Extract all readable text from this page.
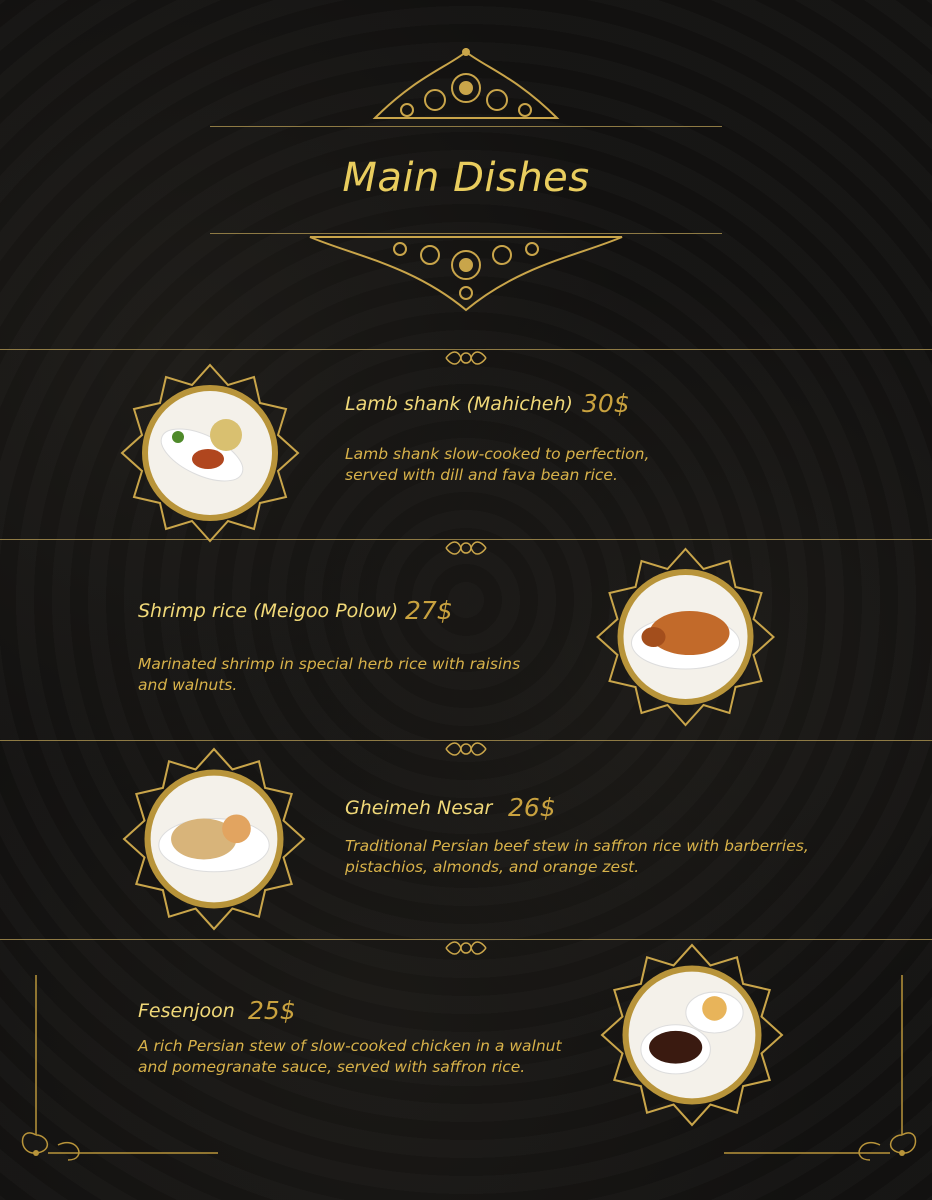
Main Dishes
Lamb shank (Mahicheh) 30$
Lamb shank slow-cooked to perfection, served with dill and fava bean rice.
Shrimp rice (Meigoo Polow) 27$
Marinated shrimp in special herb rice with raisins and walnuts.
Gheimeh Nesar 26$
Traditional Persian beef stew in saffron rice with barberries, pistachios, almonds, and orange zest.
Fesenjoon 25$
A rich Persian stew of slow-cooked chicken in a walnut and pomegranate sauce, served with saffron rice.
